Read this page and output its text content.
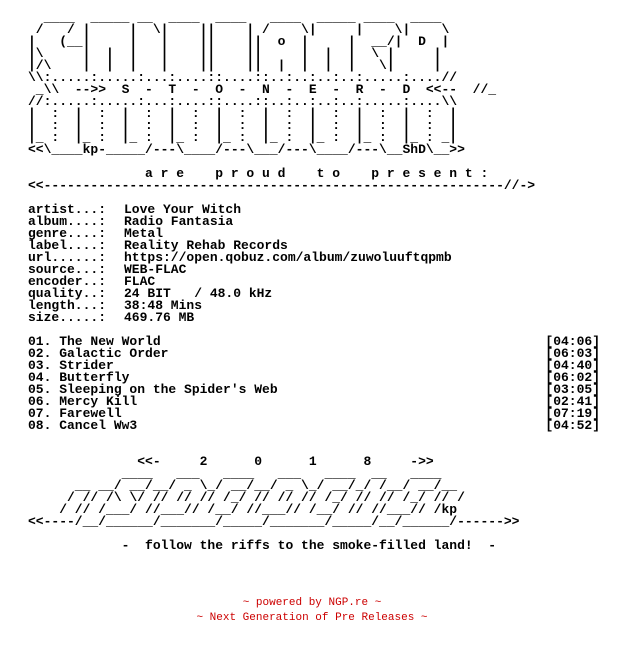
____  _____ __  ____  ____   ____  _____ ____  ____
/   / |     |  \|    ||    | /    \|     |    \|    \
|   (__|     |   |    ||    ||  o  |     |  __/|  D  |
|\     |  |  |   |    ||    ||     |  |  |  \ |     |
|/\    |  |  |   |    ||    ||  |  |  |  |   \|     |
\\:.....:.....:...:....::....::..:..:..:..:.....:....//
_\\  -->>  S  -  T  -  O  -  N  -  E  -  R  -  D  <<--  //_
//:.....:.....:...:....::....::..:..:..:..:.....:....\\
|  :  |  :  |  :  |  :  |  :  |  :  |  :  |  :  |  :  |
|  :  |  :  |  :  |  :  |  :  |  :  |  :  |  :  |  :  |
|_ :  |_ :  |_ :  |_ :  |_ :  |_ :  |_ :  |_ :  |_ : _|
<<\____kp-_____/---\____/---\___/---\____/---\__ShD\__>>
a r e    p r o u d    t o    p r e s e n t :
<<-----------------------------------------------------------//->
artist...: Love Your Witch
album....: Radio Fantasia
genre....: Metal
label....: Reality Rehab Records
url......: https://open.qobuz.com/album/zuwoluuftqpmb
source...: WEB-FLAC
encoder..: FLAC
quality..: 24 BIT   / 48.0 kHz
length...: 38:48 Mins
size.....: 469.76 MB
01. The New World	[04:06]
02. Galactic Order	[06:03]
03. Strider	[04:40]
04. Butterfly	[06:02]
05. Sleeping on the Spider's Web	[03:05]
06. Mercy Kill	[02:41]
07. Farewell	[07:19]
08. Cancel Ww3	[04:52]
<<-     2      0      1      8     ->>
____   ___   ____   ___   ____  __   ____
__ __/ __/__/ _ \_/ __/__/ _ \_/ __/_/ /__/ __/__
/ // /\ \/ // // // /_/ // // // /_/ // // /_/ // /
/ // /___/ //___// /__/ //___// /__/ // //___// /kp
<<----/__/______/_______/_____/_______/_____/__/______/------>>
-  follow the riffs to the smoke-filled land!  -
~ powered by NGP.re ~
~ Next Generation of Pre Releases ~
